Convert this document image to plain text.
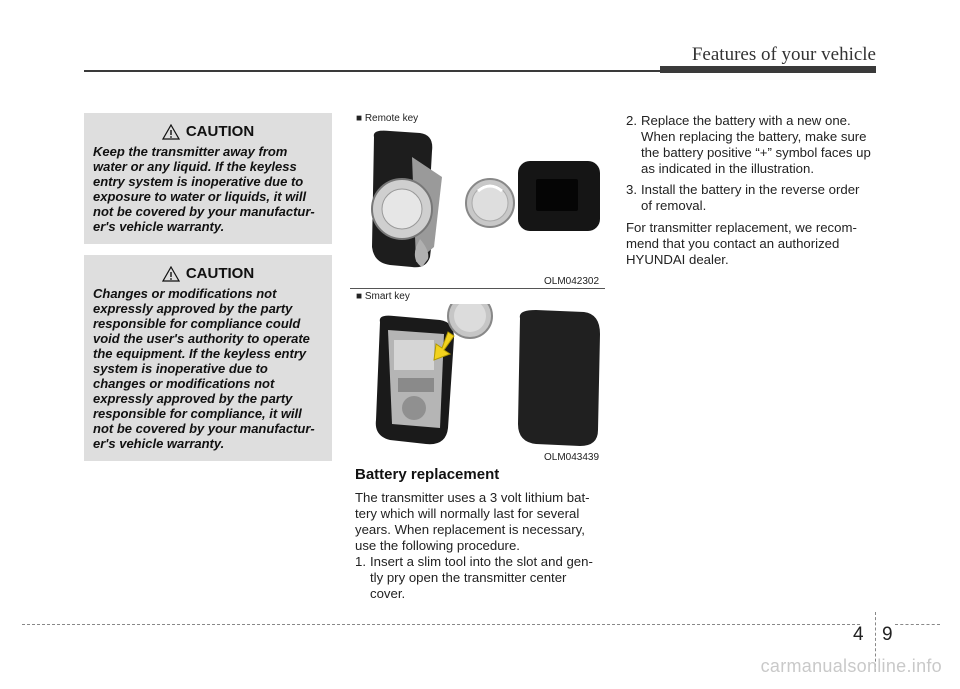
Features of your vehicle
CAUTION
Keep the transmitter away from
water or any liquid. If the keyless
entry system is inoperative due to
exposure to water or liquids, it will
not be covered by your manufactur-
er's vehicle warranty.
CAUTION
Changes or modifications not
expressly approved by the party
responsible for compliance could
void the user's authority to operate
the equipment. If the keyless entry
system is inoperative due to
changes or modifications not
expressly approved by the party
responsible for compliance, it will
not be covered by your manufactur-
er's vehicle warranty.
■ Remote key
OLM042302
■ Smart key
OLM043439
Battery replacement
The transmitter uses a 3 volt lithium bat-
tery which will normally last for several
years. When replacement is necessary,
use the following procedure.
1. Insert a slim tool into the slot and gen-
tly pry open the transmitter center
cover.
2. Replace the battery with a new one.
When replacing the battery, make sure
the battery positive “+” symbol faces up
as indicated in the illustration.
3. Install the battery in the reverse order
of removal.
For transmitter replacement, we recom-
mend that you contact an authorized
HYUNDAI dealer.
4 9
carmanualsonline.info
